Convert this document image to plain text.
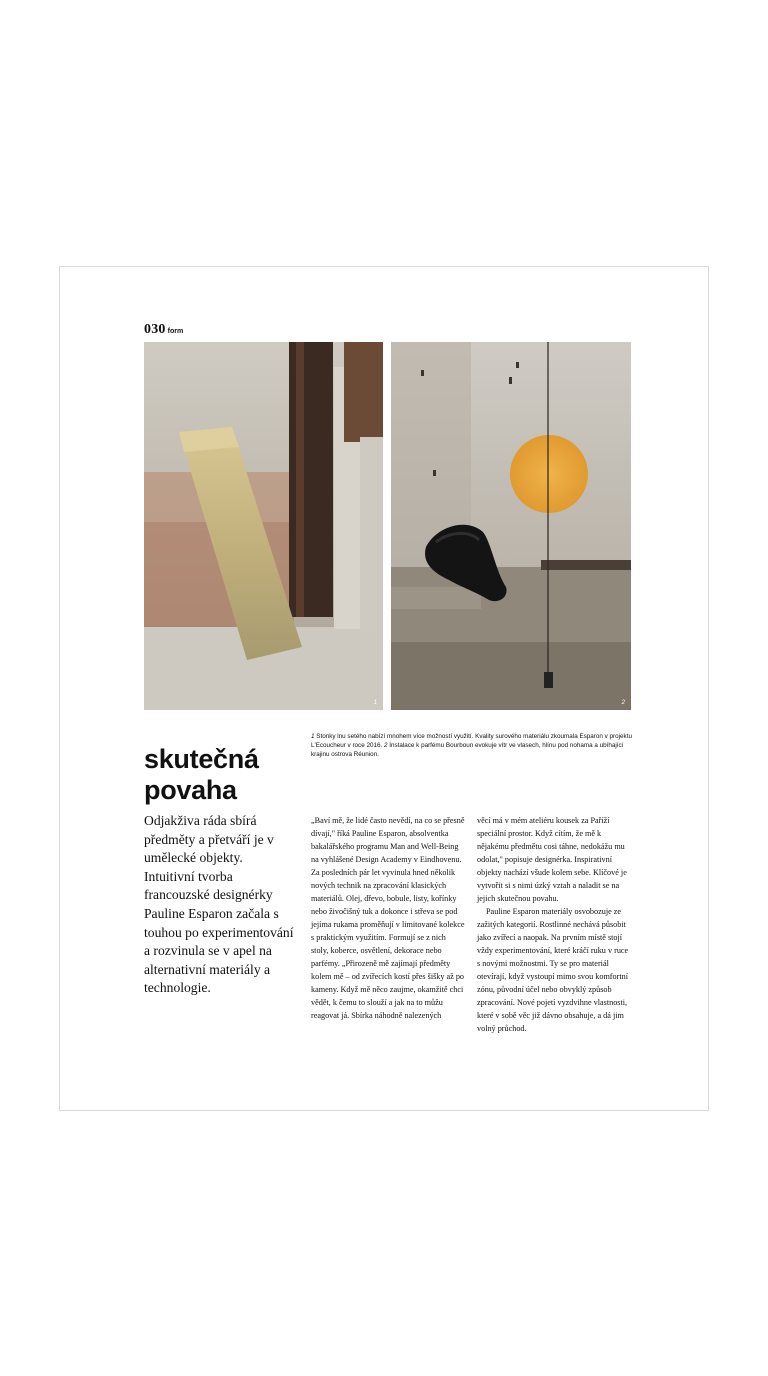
030 form
1	2
1 Stonky lnu setého nabízí mnohem více možností využití. Kvality surového materiálu zkoumala Esparon v projektu L'Ecoucheur v roce 2016. 2 Instalace k parfému Bourboun evokuje vítr ve vlasech, hlínu pod nohama a ubíhající krajinu ostrova Réunion.
skutečná
povaha
Odjakživa ráda sbírá předměty a přetváří je v umělecké objekty. Intuitivní tvorba francouzské designérky Pauline Esparon začala s touhou po experimentování a rozvinula se v apel na alternativní materiály a technologie.

„Baví mě, že lidé často nevědí, na co se přesně dívají," říká Pauline Esparon, absolventka bakalářského programu Man and Well-Being na vyhlášené Design Academy v Eindhovenu. Za posledních pár let vyvinula hned několik nových technik na zpracování klasických materiálů. Olej, dřevo, bobule, listy, kořínky nebo živočišný tuk a dokonce i střeva se pod jejíma rukama proměňují v limitované kolekce s praktickým využitím. Formují se z nich stoly, koberce, osvětlení, dekorace nebo parfémy. „Přirozeně mě zajímají předměty kolem mě – od zvířecích kostí přes šišky až po kameny. Když mě něco zaujme, okamžitě chci vědět, k čemu to slouží a jak na to můžu reagovat já. Sbírka náhodně nalezených

věcí má v mém ateliéru kousek za Paříží speciální prostor. Když cítím, že mě k nějakému předmětu cosi táhne, nedokážu mu odolat," popisuje designérka. Inspirativní objekty nachází všude kolem sebe. Klíčové je vytvořit si s nimi úzký vztah a naladit se na jejich skutečnou povahu.

Pauline Esparon materiály osvobozuje ze zažitých kategorií. Rostlinné nechává působit jako zvířecí a naopak. Na prvním místě stojí vždy experimentování, které kráčí ruku v ruce s novými možnostmi. Ty se pro materiál otevírají, když vystoupí mimo svou komfortní zónu, původní účel nebo obvyklý způsob zpracování. Nové pojetí vyzdvihne vlastnosti, které v sobě věc již dávno obsahuje, a dá jim volný průchod.
